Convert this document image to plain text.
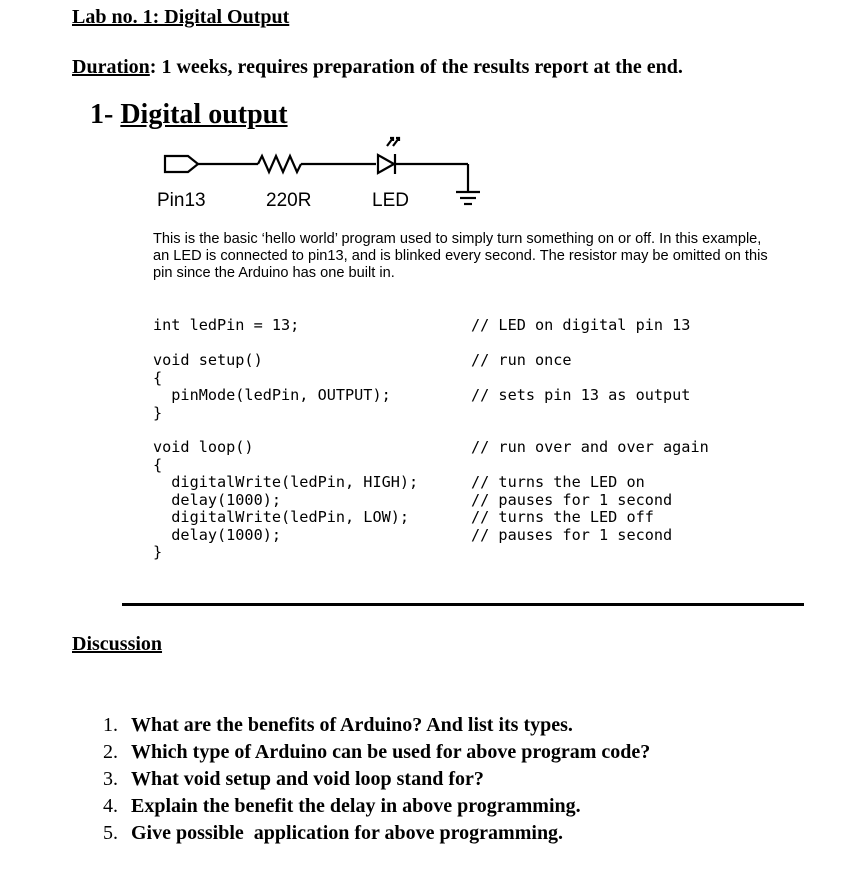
Lab no. 1: Digital Output
Duration: 1 weeks, requires preparation of the results report at the end.
1- Digital output
Pin13	220R	LED
This is the basic ‘hello world’ program used to simply turn something on or off. In this example, an LED is connected to pin13, and is blinked every second. The resistor may be omitted on this pin since the Arduino has one built in.
int ledPin = 13;
void setup()
{
pinMode(ledPin, OUTPUT);
}
void loop()
{
digitalWrite(ledPin, HIGH);
delay(1000);
digitalWrite(ledPin, LOW);
delay(1000);
}
// LED on digital pin 13
// run once
// sets pin 13 as output
// run over and over again
// turns the LED on
// pauses for 1 second
// turns the LED off
// pauses for 1 second
Discussion
1. What are the benefits of Arduino? And list its types.
2. Which type of Arduino can be used for above program code?
3. What void setup and void loop stand for?
4. Explain the benefit the delay in above programming.
5. Give possible  application for above programming.
